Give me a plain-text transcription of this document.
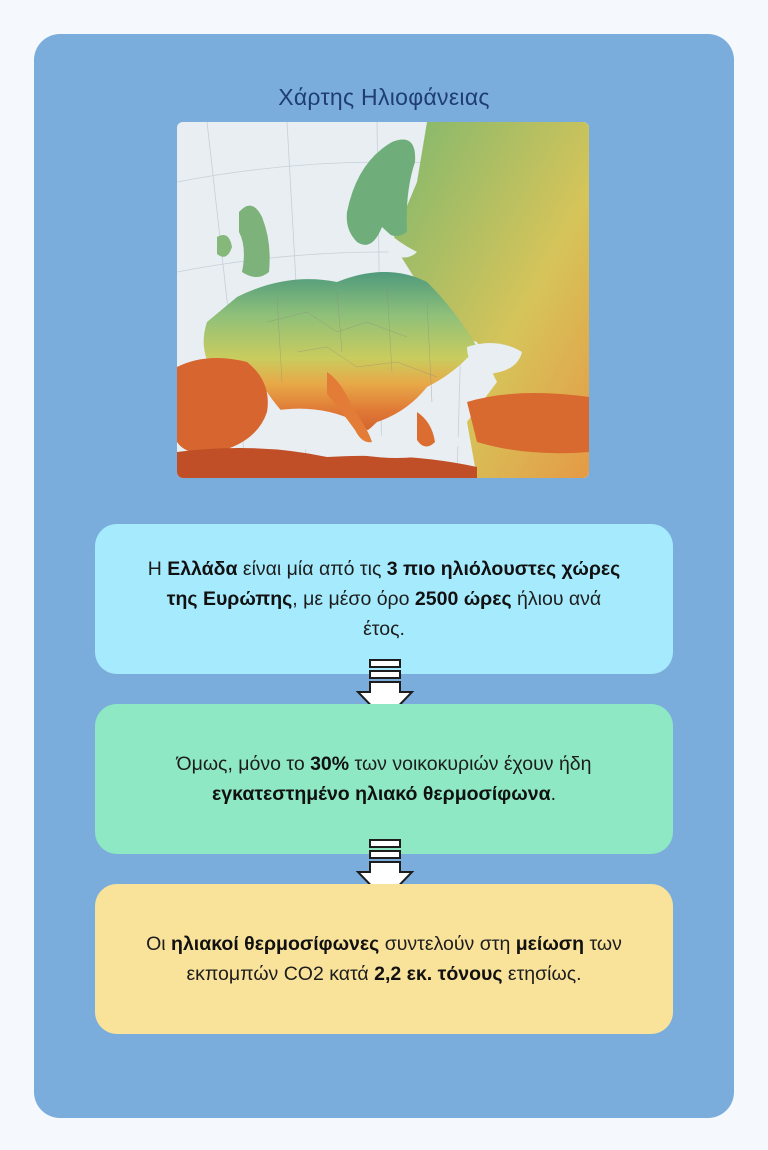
Χάρτης Ηλιοφάνειας
Η Ελλάδα είναι μία από τις 3 πιο ηλιόλουστες χώρες της Ευρώπης, με μέσο όρο 2500 ώρες ήλιου ανά έτος.
Όμως, μόνο το 30% των νοικοκυριών έχουν ήδη εγκατεστημένο ηλιακό θερμοσίφωνα.
Οι ηλιακοί θερμοσίφωνες συντελούν στη μείωση των εκπομπών CO2 κατά 2,2 εκ. τόνους ετησίως.
